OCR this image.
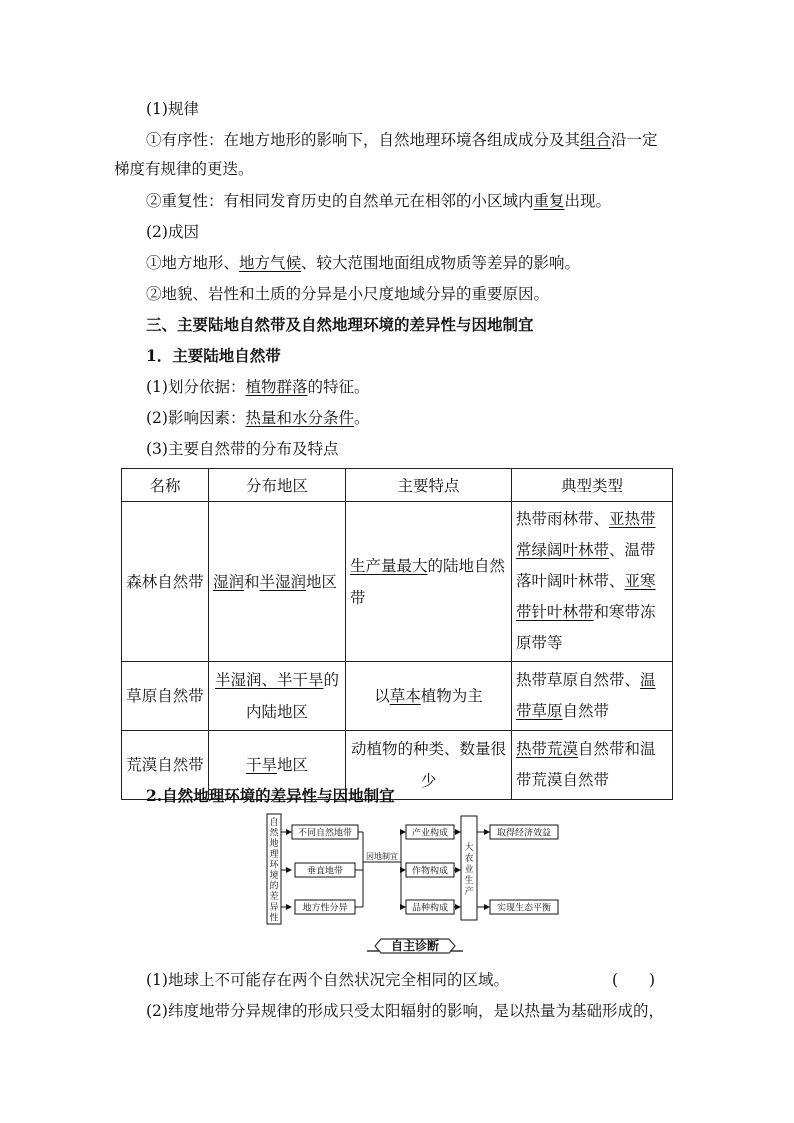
(1)规律
①有序性：在地方地形的影响下，自然地理环境各组成成分及其组合沿一定
梯度有规律的更迭。
②重复性：有相同发育历史的自然单元在相邻的小区域内重复出现。
(2)成因
①地方地形、地方气候、较大范围地面组成物质等差异的影响。
②地貌、岩性和土质的分异是小尺度地域分异的重要原因。
三、主要陆地自然带及自然地理环境的差异性与因地制宜
1．主要陆地自然带
(1)划分依据：植物群落的特征。
(2)影响因素：热量和水分条件。
(3)主要自然带的分布及特点
名称	分布地区	主要特点	典型类型
森林自然带	湿润和半湿润地区	生产量最大的陆地自然带	热带雨林带、亚热带常绿阔叶林带、温带落叶阔叶林带、亚寒带针叶林带和寒带冻原带等
草原自然带	半湿润、半干旱的内陆地区	以草本植物为主	热带草原自然带、温带草原自然带
荒漠自然带	干旱地区	动植物的种类、数量很少	热带荒漠自然带和温带荒漠自然带
2.自然地理环境的差异性与因地制宜
自然地理环境的差异性
不同自然地带
垂直地带
地方性分异
因地制宜
产业构成
作物构成
品种构成
大农业生产
取得经济效益
实现生态平衡
自主诊断
(1)地球上不可能存在两个自然状况完全相同的区域。	(　　)
(2)纬度地带分异规律的形成只受太阳辐射的影响，是以热量为基础形成的，
